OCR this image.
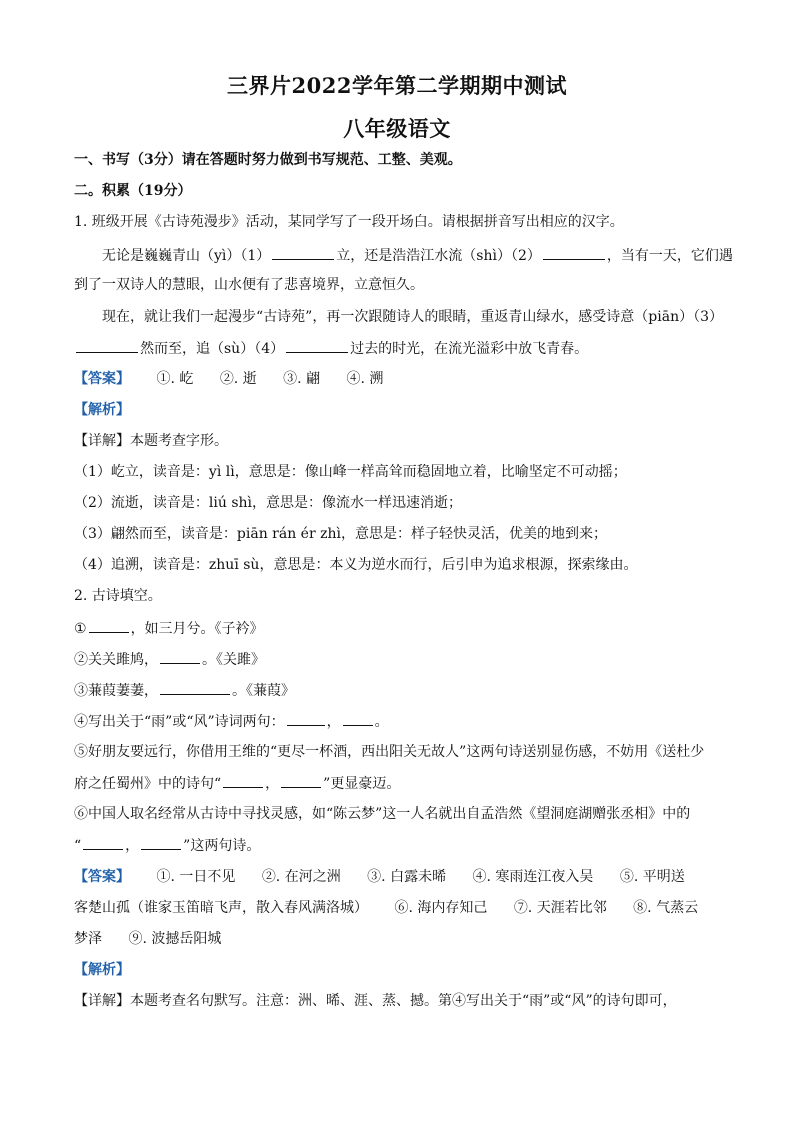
三界片2022学年第二学期期中测试
八年级语文
一、书写（3分）请在答题时努力做到书写规范、工整、美观。
二。积累（19分）
1. 班级开展《古诗苑漫步》活动，某同学写了一段开场白。请根据拼音写出相应的汉字。
无论是巍巍青山（yì）（1）	立，还是浩浩江水流（shì）（2）	，当有一天，它们遇
到了一双诗人的慧眼，山水便有了悲喜境界，立意恒久。
现在，就让我们一起漫步“古诗苑”，再一次跟随诗人的眼睛，重返青山绿水，感受诗意（piān）（3）
然而至，追（sù）（4）	过去的时光，在流光溢彩中放飞青春。
【答案】 ①. 屹 ②. 逝 ③. 翩 ④. 溯
【解析】
【详解】本题考查字形。
（1）屹立，读音是：yì lì，意思是：像山峰一样高耸而稳固地立着，比喻坚定不可动摇；
（2）流逝，读音是：liú shì，意思是：像流水一样迅速消逝；
（3）翩然而至，读音是：piān rán ér zhì，意思是：样子轻快灵活，优美的地到来；
（4）追溯，读音是：zhuī sù，意思是：本义为逆水而行，后引申为追求根源，探索缘由。
2. 古诗填空。
①	，如三月兮。《子衿》
②关关雎鸠，	。《关雎》
③蒹葭萋萋，	。《蒹葭》
④写出关于“雨”或“风”诗词两句：	， 。
⑤好朋友要远行，你借用王维的“更尽一杯酒，西出阳关无故人”这两句诗送别显伤感，不妨用《送杜少
府之任蜀州》中的诗句“	，	”更显豪迈。
⑥中国人取名经常从古诗中寻找灵感，如“陈云梦”这一人名就出自孟浩然《望洞庭湖赠张丞相》中的
“	，	”这两句诗。
【答案】 ①. 一日不见 ②. 在河之洲 ③. 白露未晞 ④. 寒雨连江夜入吴 ⑤. 平明送
客楚山孤（谁家玉笛暗飞声，散入春风满洛城） ⑥. 海内存知己 ⑦. 天涯若比邻 ⑧. 气蒸云
梦泽 ⑨. 波撼岳阳城
【解析】
【详解】本题考查名句默写。注意：洲、晞、涯、蒸、撼。第④写出关于“雨”或“风”的诗句即可，
